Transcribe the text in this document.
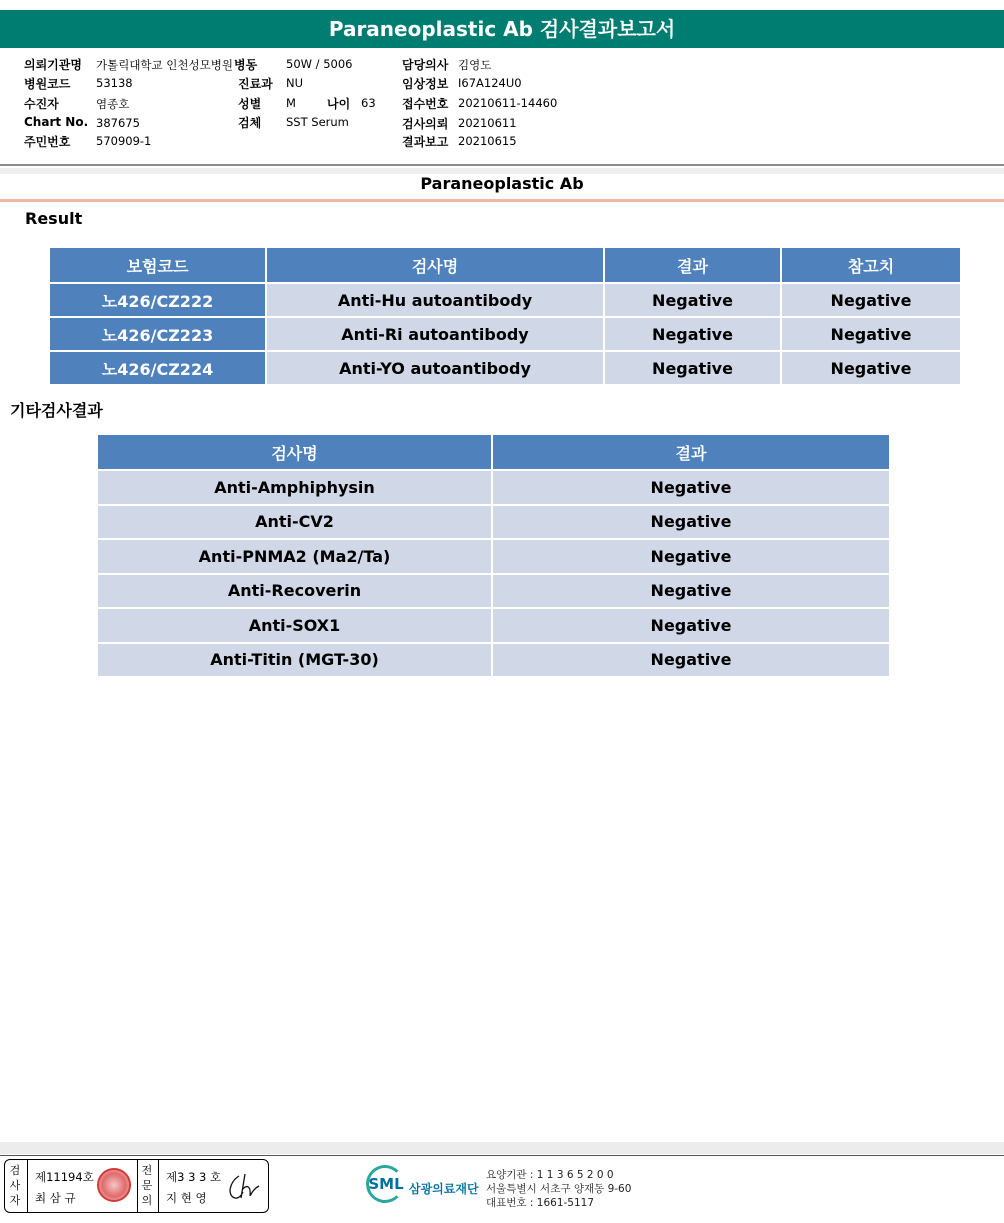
Paraneoplastic Ab 검사결과보고서
의뢰기관명 가톨릭대학교 인천성모병원 병동	50W / 5006	담당의사 김영도
병원코드 53138	진료과 NU	임상정보 I67A124U0
수진자	염종호	성별 M	나이 63 접수번호 20210611-14460
Chart No. 387675	검체 SST Serum	검사의뢰 20210611
주민번호 570909-1	결과보고 20210615
Paraneoplastic Ab
Result
보험코드	검사명	결과	참고치
노426/CZ222	Anti-Hu autoantibody	Negative	Negative
노426/CZ223	Anti-Ri autoantibody	Negative	Negative
노426/CZ224	Anti-YO autoantibody	Negative	Negative
기타검사결과
검사명	결과
Anti-Amphiphysin	Negative
Anti-CV2	Negative
Anti-PNMA2 (Ma2/Ta)	Negative
Anti-Recoverin	Negative
Anti-SOX1	Negative
Anti-Titin (MGT-30)	Negative
검사자
제11194호
최 삼 규
전문의
제3 3 3 호
지 현 영
SML 삼광의료재단
요양기관 : 1 1 3 6 5 2 0 0
서울특별시 서초구 양재동 9-60
대표번호 : 1661-5117
